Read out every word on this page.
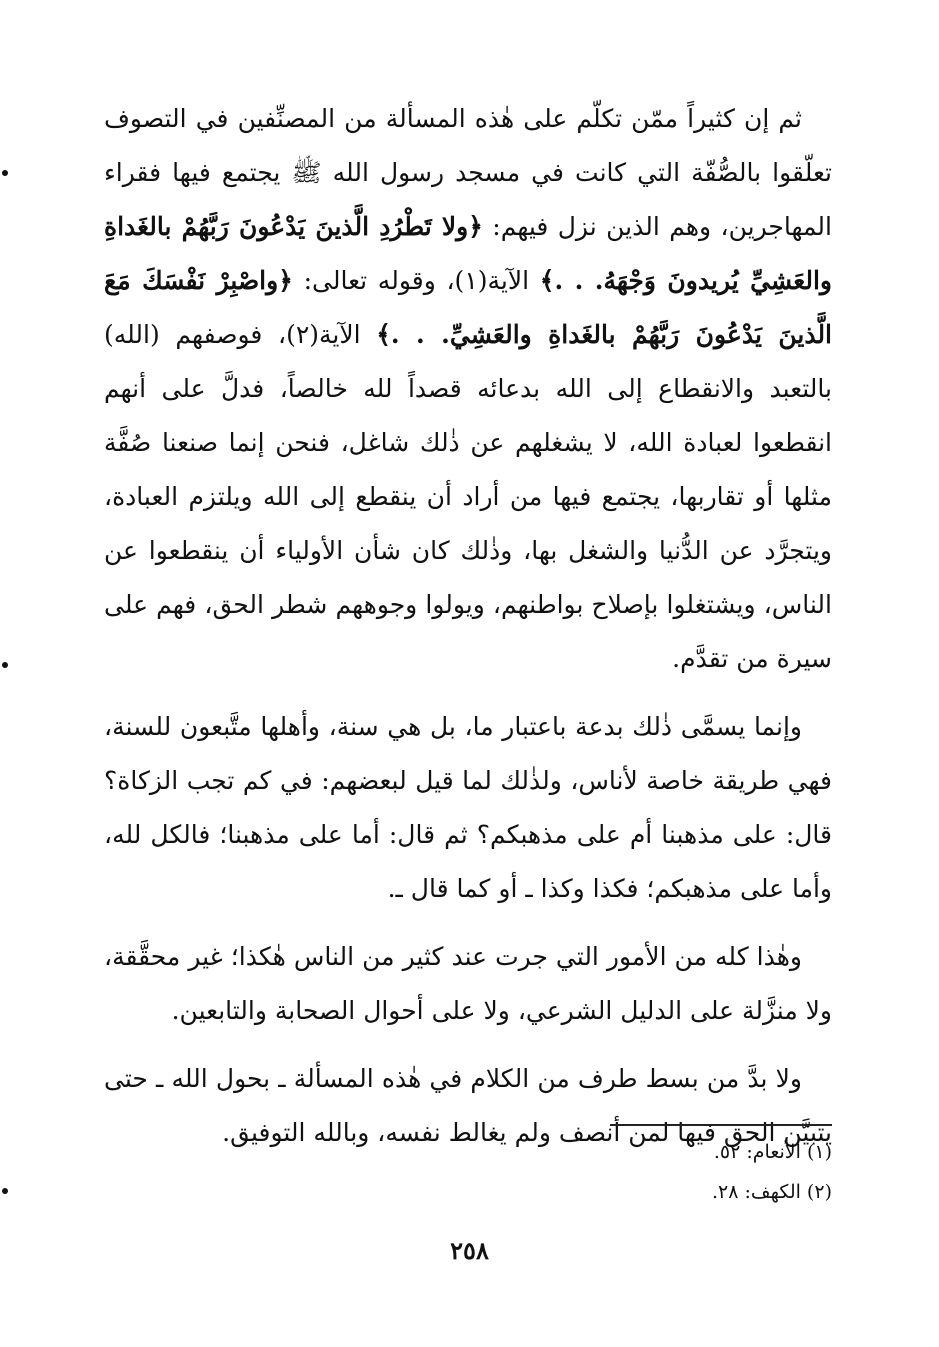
ثم إن كثيراً ممّن تكلّم على هٰذه المسألة من المصنِّفين في التصوف تعلّقوا بالصُّفّة التي كانت في مسجد رسول الله ﷺ يجتمع فيها فقراء المهاجرين، وهم الذين نزل فيهم: ﴿ولا تَطْرُدِ الَّذينَ يَدْعُونَ رَبَّهُمْ بالغَداةِ والعَشِيِّ يُريدونَ وَجْهَهُ. . .﴾ الآية(١)، وقوله تعالى: ﴿واصْبِرْ نَفْسَكَ مَعَ الَّذينَ يَدْعُونَ رَبَّهُمْ بالغَداةِ والعَشِيِّ. . .﴾ الآية(٢)، فوصفهم (الله) بالتعبد والانقطاع إلى الله بدعائه قصداً لله خالصاً، فدلَّ على أنهم انقطعوا لعبادة الله، لا يشغلهم عن ذٰلك شاغل، فنحن إنما صنعنا صُفَّة مثلها أو تقاربها، يجتمع فيها من أراد أن ينقطع إلى الله ويلتزم العبادة، ويتجرَّد عن الدُّنيا والشغل بها، وذٰلك كان شأن الأولياء أن ينقطعوا عن الناس، ويشتغلوا بإصلاح بواطنهم، ويولوا وجوههم شطر الحق، فهم على سيرة من تقدَّم.

وإنما يسمَّى ذٰلك بدعة باعتبار ما، بل هي سنة، وأهلها متَّبعون للسنة، فهي طريقة خاصة لأناس، ولذٰلك لما قيل لبعضهم: في كم تجب الزكاة؟ قال: على مذهبنا أم على مذهبكم؟ ثم قال: أما على مذهبنا؛ فالكل لله، وأما على مذهبكم؛ فكذا وكذا ـ أو كما قال ـ.

وهٰذا كله من الأمور التي جرت عند كثير من الناس هٰكذا؛ غير محقَّقة، ولا منزَّلة على الدليل الشرعي، ولا على أحوال الصحابة والتابعين.

ولا بدَّ من بسط طرف من الكلام في هٰذه المسألة ـ بحول الله ـ حتى يتبيَّن الحق فيها لمن أنصف ولم يغالط نفسه، وبالله التوفيق.

(١) الأنعام: ٥٢.

(٢) الكهف: ٢٨.

٢٥٨
